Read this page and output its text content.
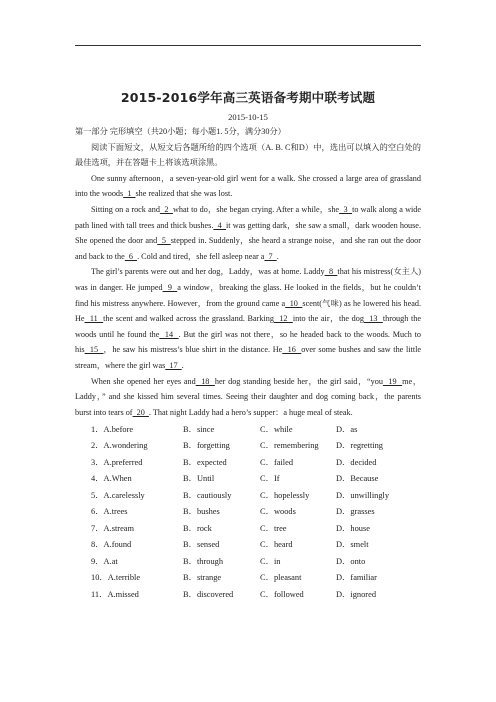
2015-2016学年高三英语备考期中联考试题
2015-10-15

第一部分 完形填空（共20小题；每小题1. 5分，满分30分）

阅读下面短文，从短文后各题所给的四个选项（A. B. C和D）中，选出可以填入的空白处的最佳选项，并在答题卡上将该选项涂黑。

One sunny afternoon，a seven-year-old girl went for a walk. She crossed a large area of grassland into the woods  1  she realized that she was lost.

Sitting on a rock and  2  what to do，she began crying. After a while，she  3  to walk along a wide path lined with tall trees and thick bushes.  4  it was getting dark，she saw a small，dark wooden house. She opened the door and  5  stepped in. Suddenly，she heard a strange noise，and she ran out the door and back to the  6  . Cold and tired，she fell asleep near a  7  .

The girl’s parents were out and her dog，Laddy，was at home. Laddy  8  that his mistress(女主人) was in danger. He jumped  9  a window，breaking the glass. He looked in the fields，but he couldn’t find his mistress anywhere. However，from the ground came a  10  scent(气味) as he lowered his head. He  11  the scent and walked across the grassland. Barking  12  into the air，the dog  13  through the woods until he found the  14  . But the girl was not there，so he headed back to the woods. Much to his  15  ，he saw his mistress’s blue shirt in the distance. He  16  over some bushes and saw the little stream，where the girl was  17  .

When she opened her eyes and  18  her dog standing beside her，the girl said，“you  19  me，Laddy，” and she kissed him several times. Seeing their daughter and dog coming back，the parents burst into tears of  20  . That night Laddy had a hero’s supper：a huge meal of steak.

1．A.before	B．since	C．while	D．as
2．A.wondering	B．forgetting	C．remembering	D．regretting
3．A.preferred	B．expected	C．failed	D．decided
4．A.When	B．Until	C．If	D．Because
5．A.carelessly	B．cautiously	C．hopelessly	D．unwillingly
6．A.trees	B．bushes	C．woods	D．grasses
7．A.stream	B．rock	C．tree	D．house
8．A.found	B．sensed	C．heard	D．smelt
9．A.at	B．through	C．in	D．onto
10．A.terrible	B．strange	C．pleasant	D．familiar
11．A.missed	B．discovered	C．followed	D．ignored
